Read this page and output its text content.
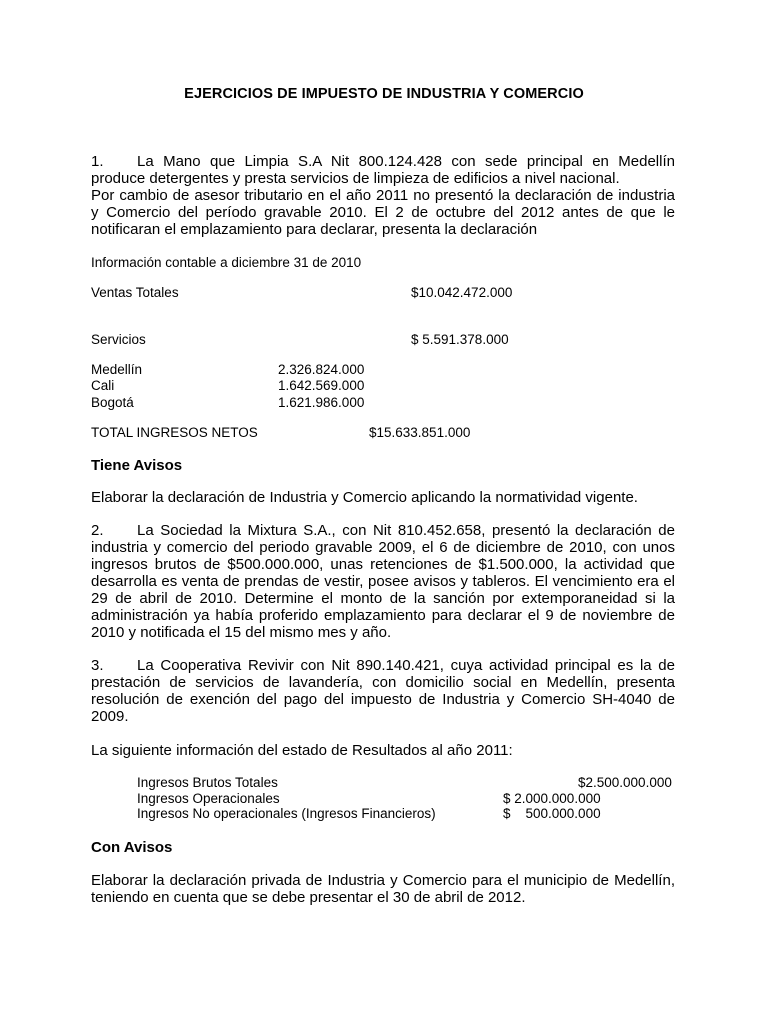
EJERCICIOS DE IMPUESTO DE INDUSTRIA Y COMERCIO

1. La Mano que Limpia S.A Nit 800.124.428 con sede principal en Medellín produce detergentes y presta servicios de limpieza de edificios a nivel nacional.

Por cambio de asesor tributario en el año 2011 no presentó la declaración de industria y Comercio del período gravable 2010. El 2 de octubre del 2012 antes de que le notificaran el emplazamiento para declarar, presenta la declaración

Información contable a diciembre 31 de 2010
Ventas Totales	$10.042.472.000
Servicios	$ 5.591.378.000
Medellín	2.326.824.000
Cali	1.642.569.000
Bogotá	1.621.986.000
TOTAL INGRESOS NETOS	$15.633.851.000
Tiene Avisos

Elaborar la declaración de Industria y Comercio aplicando la normatividad vigente.

2. La Sociedad la Mixtura S.A., con Nit 810.452.658, presentó la declaración de industria y comercio del periodo gravable 2009, el 6 de diciembre de 2010, con unos ingresos brutos de $500.000.000, unas retenciones de $1.500.000, la actividad que desarrolla es venta de prendas de vestir, posee avisos y tableros. El vencimiento era el 29 de abril de 2010. Determine el monto de la sanción por extemporaneidad si la administración ya había proferido emplazamiento para declarar el 9 de noviembre de 2010 y notificada el 15 del mismo mes y año.

3. La Cooperativa Revivir con Nit 890.140.421, cuya actividad principal es la de prestación de servicios de lavandería, con domicilio social en Medellín, presenta resolución de exención del pago del impuesto de Industria y Comercio SH-4040 de 2009.

La siguiente información del estado de Resultados al año 2011:
Ingresos Brutos Totales	$2.500.000.000
Ingresos Operacionales	$ 2.000.000.000
Ingresos No operacionales (Ingresos Financieros)	$    500.000.000
Con Avisos

Elaborar la declaración privada de Industria y Comercio para el municipio de Medellín, teniendo en cuenta que se debe presentar el 30 de abril de 2012.
